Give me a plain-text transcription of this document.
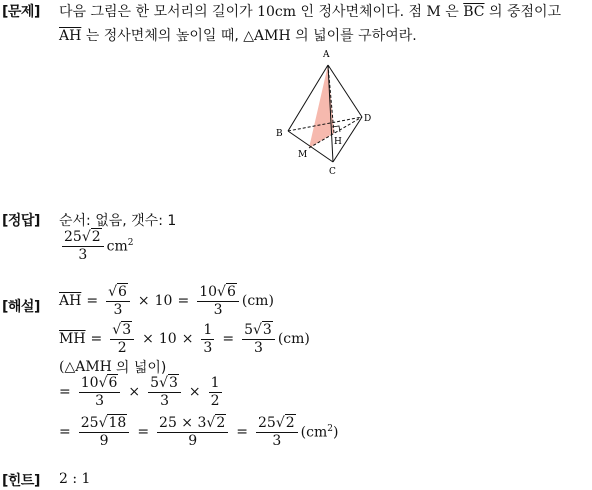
[문제] 다음 그림은 한 모서리의 길이가 10cm 인 정사면체이다. 점 M 은 $\overline{BC}$ 의 중점이고
$\overline{AH}$ 는 정사면체의 높이일 때, △AMH 의 넓이를 구하여라.
A
B
C
D
M
H
[정답] 순서: 없음, 갯수: 1
$\frac{25√2}{3} cm^2$
[해설] $\overline{AH} = \frac{√6}{3} \times 10 = \frac{10√6}{3} (cm)$
$\overline{MH} = \frac{√3}{2} \times 10 \times \frac{1}{3} = \frac{5√3}{3} (cm)$
( △AMH 의 넓이)
= $\frac{10√6}{3} \times \frac{5√3}{3} \times \frac{1}{2}$
= $\frac{25√18}{9} = \frac{25 \times 3√2}{9} = \frac{25√2}{3} (cm^2)$
[힌트] 2 : 1
